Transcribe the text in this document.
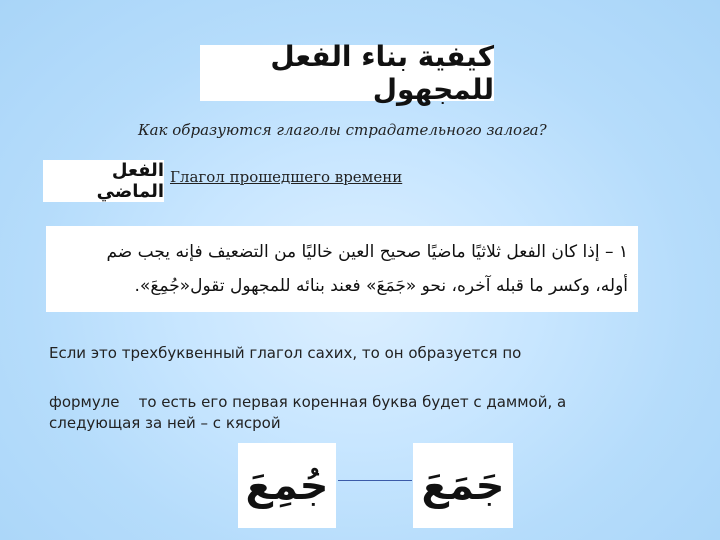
كيفية بناء الفعل للمجهول
Как образуются глаголы страдательного залога?
الفعل الماضي
Глагол прошедшего времени
١ – إذا كان الفعل ثلاثيًا ماضيًا صحيح العين خاليًا من التضعيف فإنه يجب ضم
أوله، وكسر ما قبله آخره، نحو «جَمَعَ» فعند بنائه للمجهول تقول«جُمِعَ».
Если это трехбуквенный глагол сахих, то он образуется по
формуле    то есть его первая коренная буква будет с даммой, а
следующая за ней – с кясрой
جُمِعَ جَمَعَ
